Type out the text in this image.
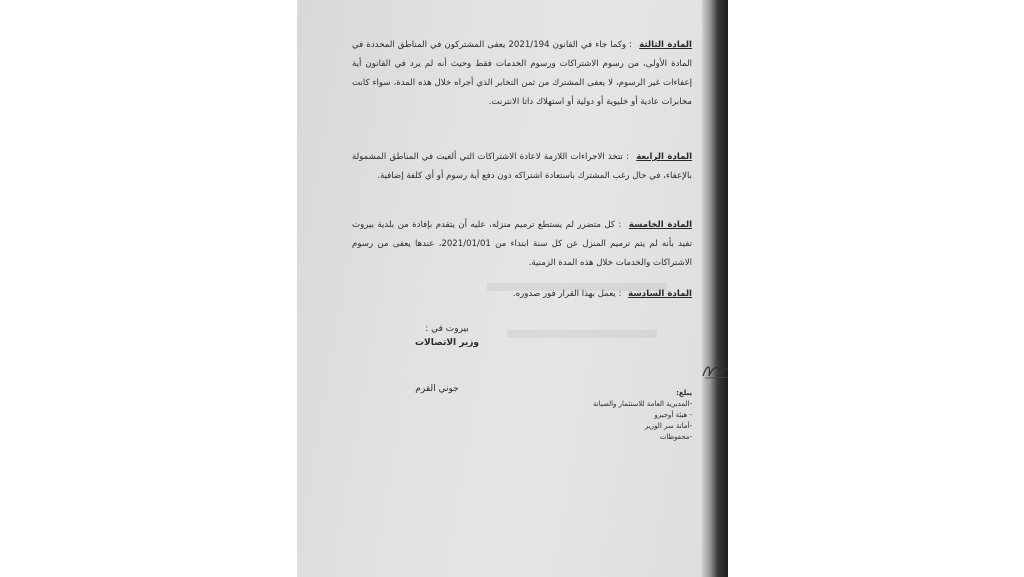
المادة الثالثة : وكما جاء في القانون 2021/194 يعفى المشتركون في المناطق المحددة في المادة الأولى، من رسوم الاشتراكات ورسوم الخدمات فقط وحيث أنه لم يرد في القانون أية إعفاءات غير الرسوم، لا يعفى المشترك من ثمن التخابر الذي أجراه خلال هذه المدة، سواء كانت مخابرات عادية أو خليوية أو دولية أو استهلاك داتا الانترنت.
المادة الرابعة : تتخذ الاجراءات اللازمة لاعادة الاشتراكات التي ألغيت في المناطق المشمولة بالإعفاء، في حال رغب المشترك باستعادة اشتراكه دون دفع أية رسوم أو أي كلفة إضافية.
المادة الخامسة : كل متضرر لم يستطع ترميم منزله، عليه أن يتقدم بإفادة من بلدية بيروت تفيد بأنه لم يتم ترميم المنزل عن كل سنة ابتداء من 2021/01/01، عندها يعفى من رسوم الاشتراكات والخدمات خلال هذه المدة الزمنية.
المادة السادسة : يعمل بهذا القرار فور صدوره.
بيروت في :
وزير الاتصالات
جوني القرم	يبلغ:
-المديرية العامة للاستثمار والصيانة
- هيئة أوجيرو
-أمانة سر الوزير
-محفوظات
